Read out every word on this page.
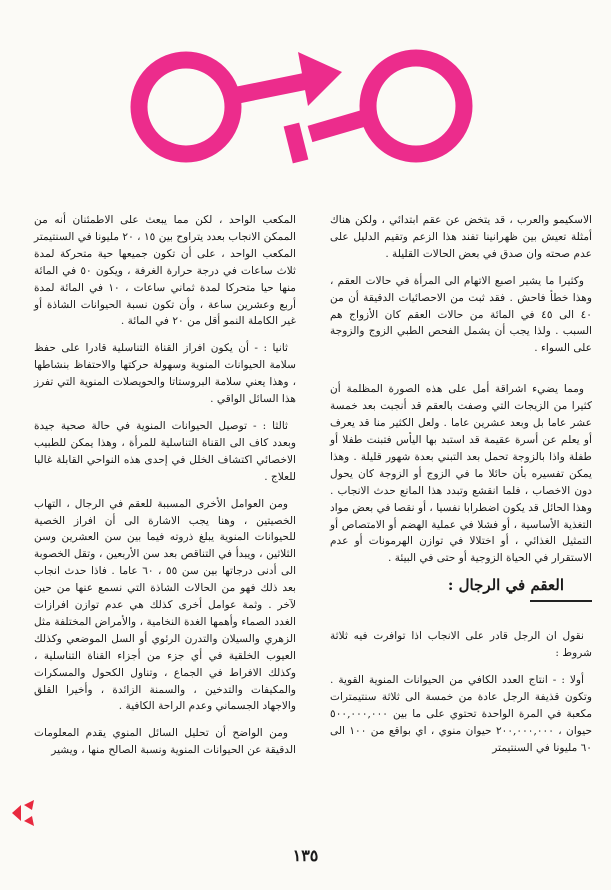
الاسكيمو والعرب ، قد يتخض عن عقم ابتدائي ، ولكن هناك أمثلة تعيش بين ظهرانينا تفند هذا الزعم وتقيم الدليل على عدم صحته وان صدق في بعض الحالات القليلة .

وكثيرا ما يشير اصبع الاتهام الى المرأة في حالات العقم ، وهذا خطأ فاحش . فقد ثبت من الاحصائيات الدقيقة أن من ٤٠ الى ٤٥ في المائة من حالات العقم كان الأزواج هم السبب . ولذا يجب أن يشمل الفحص الطبي الزوج والزوجة على السواء .

ومما يضيء اشراقة أمل على هذه الصورة المظلمة أن كثيرا من الزيجات التي وصفت بالعقم قد أنجبت بعد خمسة عشر عاما بل وبعد عشرين عاما . ولعل الكثير منا قد يعرف أو يعلم عن أسرة عقيمة قد استبد بها اليأس فتبنت طفلا أو طفلة واذا بالزوجة تحمل بعد التبني بعدة شهور قليلة . وهذا يمكن تفسيره بأن حائلا ما في الزوج أو الزوجة كان يحول دون الاخصاب ، فلما انقشع وتبدد هذا المانع حدث الانجاب . وهذا الحائل قد يكون اضطرابا نفسيا ، أو نقصا في بعض مواد التغذية الأساسية ، أو فشلا في عملية الهضم أو الامتصاص أو التمثيل الغذائي ، أو اختلالا في توازن الهرمونات أو عدم الاستقرار في الحياة الزوجية أو حتى في البيئة .

العقم في الرجال :

نقول ان الرجل قادر على الانجاب اذا توافرت فيه ثلاثة شروط :

أولا : - انتاج العدد الكافي من الحيوانات المنوية القوية . وتكون قذيفة الرجل عادة من خمسة الى ثلاثة سنتيمترات مكعبة في المرة الواحدة تحتوي على ما بين ٥٠٠,٠٠٠,٠٠٠ حيوان ، ٢٠٠,٠٠٠,٠٠٠ حيوان منوي ، اي بواقع من ١٠٠ الى ٦٠ مليونا في السنتيمتر

المكعب الواحد ، لكن مما يبعث على الاطمئنان أنه من الممكن الانجاب بعدد يتراوح بين ١٥ ، ٢٠ مليونا في السنتيمتر المكعب الواحد ، على أن تكون جميعها حية متحركة لمدة ثلاث ساعات في درجة حرارة الغرفة ، ويكون ٥٠ في المائة منها حيا متحركا لمدة ثماني ساعات ، ١٠ في المائة لمدة أربع وعشرين ساعة ، وأن تكون نسبة الحيوانات الشاذة أو غير الكاملة النمو أقل من ٢٠ في المائة .

ثانيا : - أن يكون افراز القناة التناسلية قادرا على حفظ سلامة الحيوانات المنوية وسهولة حركتها والاحتفاظ بنشاطها ، وهذا يعني سلامة البروستاتا والحويصلات المنوية التي تفرز هذا السائل الواقي .

ثالثا : - توصيل الحيوانات المنوية في حالة صحية جيدة وبعدد كاف الى القناة التناسلية للمرأة ، وهذا يمكن للطبيب الاخصائي اكتشاف الخلل في إحدى هذه النواحي القابلة غالبا للعلاج .

ومن العوامل الأخرى المسببة للعقم في الرجال ، التهاب الخصيتين ، وهنا يجب الاشارة الى أن افراز الخصية للحيوانات المنوية يبلغ ذروته فيما بين سن العشرين وسن الثلاثين ، ويبدأ في التناقص بعد سن الأربعين ، وتقل الخصوبة الى أدنى درجاتها بين سن ٥٥ ، ٦٠ عاما . فاذا حدث انجاب بعد ذلك فهو من الحالات الشاذة التي نسمع عنها من حين لآخر . وثمة عوامل أخرى كذلك هي عدم توازن افرازات الغدد الصماء وأهمها الغدة النخامية ، والأمراض المختلفة مثل الزهري والسيلان والتدرن الرئوي أو السل الموضعي وكذلك العيوب الخلقية في أي جزء من أجزاء القناة التناسلية ، وكذلك الافراط في الجماع ، وتناول الكحول والمسكرات والمكيفات والتدخين ، والسمنة الزائدة ، وأخيرا القلق والاجهاد الجسماني وعدم الراحة الكافية .

ومن الواضح أن تحليل السائل المنوي يقدم المعلومات الدقيقة عن الحيوانات المنوية ونسبة الصالح منها ، ويشير

١٣٥
